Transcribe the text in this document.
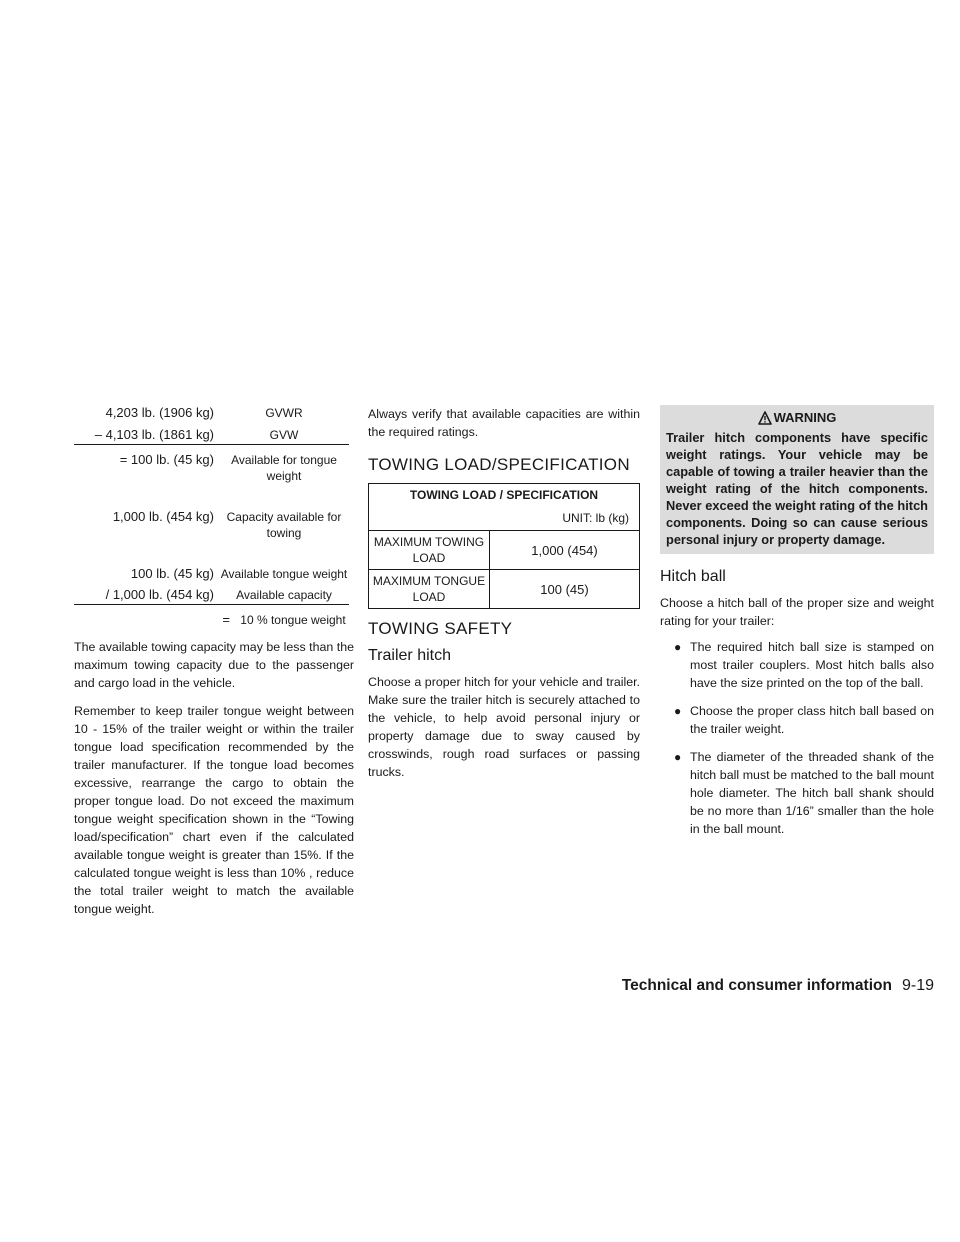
4,203 lb. (1906 kg)	GVWR
– 4,103 lb. (1861 kg)	GVW
= 100 lb. (45 kg)	Available for tongue weight
1,000 lb. (454 kg)	Capacity available for towing
100 lb. (45 kg) Available tongue weight
/ 1,000 lb. (454 kg)	Available capacity
= 10 % tongue weight

The available towing capacity may be less than the maximum towing capacity due to the passenger and cargo load in the vehicle.

Remember to keep trailer tongue weight between 10 - 15% of the trailer weight or within the trailer tongue load specification recommended by the trailer manufacturer. If the tongue load becomes excessive, rearrange the cargo to obtain the proper tongue load. Do not exceed the maximum tongue weight specification shown in the “Towing load/specification” chart even if the calculated available tongue weight is greater than 15%. If the calculated tongue weight is less than 10% , reduce the total trailer weight to match the available tongue weight.

Always verify that available capacities are within the required ratings.

TOWING LOAD/SPECIFICATION
TOWING LOAD / SPECIFICATION	
UNIT: lb (kg)	
MAXIMUM TOWING LOAD	1,000 (454)
MAXIMUM TONGUE LOAD	100 (45)
TOWING SAFETY
Trailer hitch

Choose a proper hitch for your vehicle and trailer. Make sure the trailer hitch is securely attached to the vehicle, to help avoid personal injury or property damage due to sway caused by crosswinds, rough road surfaces or passing trucks.

WARNING

Trailer hitch components have specific weight ratings. Your vehicle may be capable of towing a trailer heavier than the weight rating of the hitch components. Never exceed the weight rating of the hitch components. Doing so can cause serious personal injury or property damage.

Hitch ball

Choose a hitch ball of the proper size and weight rating for your trailer:

● The required hitch ball size is stamped on most trailer couplers. Most hitch balls also have the size printed on the top of the ball.
● Choose the proper class hitch ball based on the trailer weight.
● The diameter of the threaded shank of the hitch ball must be matched to the ball mount hole diameter. The hitch ball shank should be no more than 1/16” smaller than the hole in the ball mount.
Technical and consumer information 9-19
